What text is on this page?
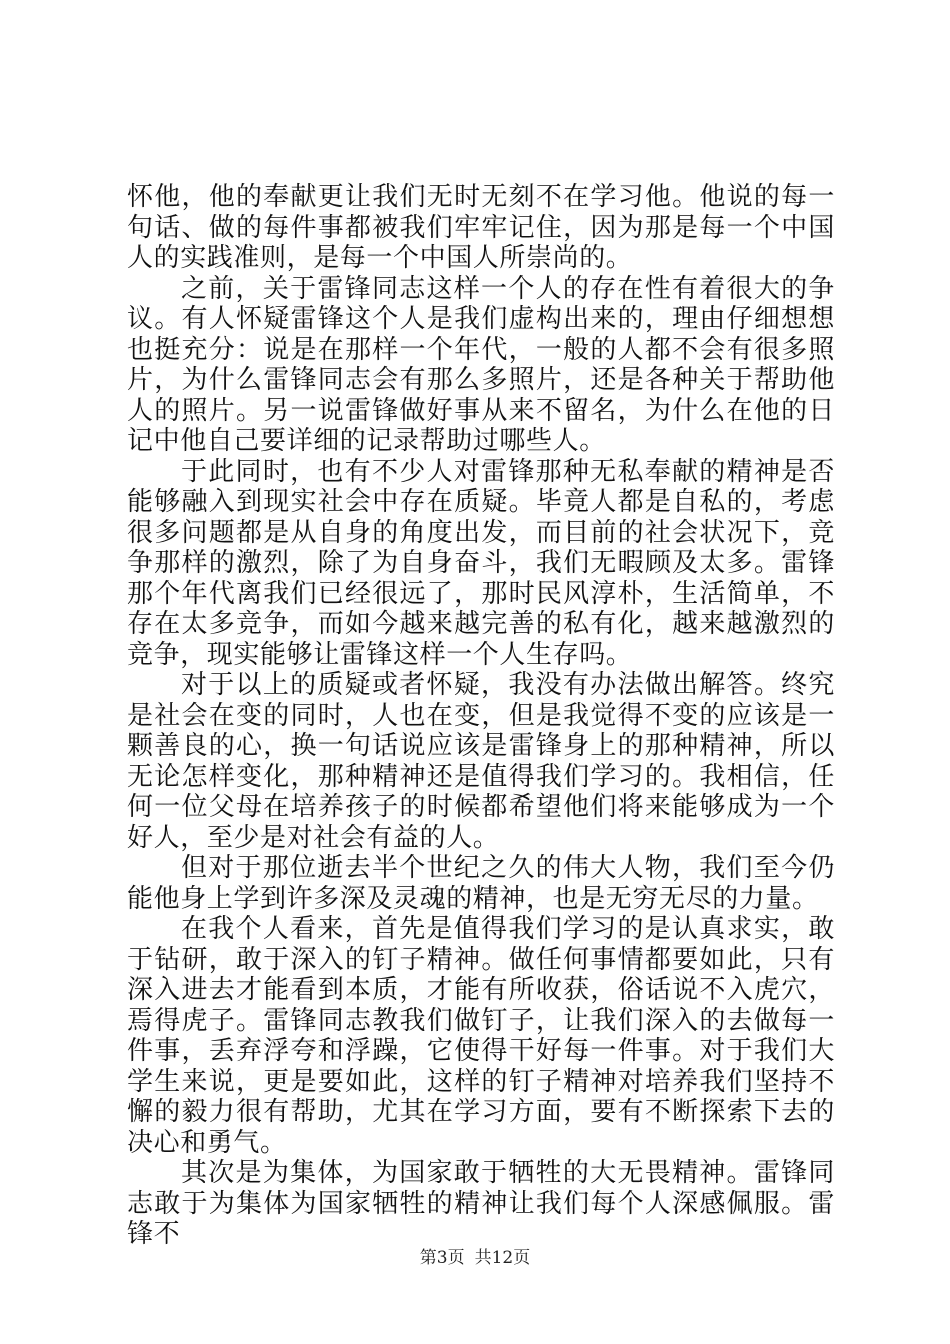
怀他，他的奉献更让我们无时无刻不在学习他。他说的每一句话、做的每件事都被我们牢牢记住，因为那是每一个中国人的实践准则，是每一个中国人所崇尚的。

之前，关于雷锋同志这样一个人的存在性有着很大的争议。有人怀疑雷锋这个人是我们虚构出来的，理由仔细想想也挺充分：说是在那样一个年代，一般的人都不会有很多照片，为什么雷锋同志会有那么多照片，还是各种关于帮助他人的照片。另一说雷锋做好事从来不留名，为什么在他的日记中他自己要详细的记录帮助过哪些人。

于此同时，也有不少人对雷锋那种无私奉献的精神是否能够融入到现实社会中存在质疑。毕竟人都是自私的，考虑很多问题都是从自身的角度出发，而目前的社会状况下，竞争那样的激烈，除了为自身奋斗，我们无暇顾及太多。雷锋那个年代离我们已经很远了，那时民风淳朴，生活简单，不存在太多竞争，而如今越来越完善的私有化，越来越激烈的竞争，现实能够让雷锋这样一个人生存吗。

对于以上的质疑或者怀疑，我没有办法做出解答。终究是社会在变的同时，人也在变，但是我觉得不变的应该是一颗善良的心，换一句话说应该是雷锋身上的那种精神，所以无论怎样变化，那种精神还是值得我们学习的。我相信，任何一位父母在培养孩子的时候都希望他们将来能够成为一个好人，至少是对社会有益的人。

但对于那位逝去半个世纪之久的伟大人物，我们至今仍能他身上学到许多深及灵魂的精神，也是无穷无尽的力量。

在我个人看来，首先是值得我们学习的是认真求实，敢于钻研，敢于深入的钉子精神。做任何事情都要如此，只有深入进去才能看到本质，才能有所收获，俗话说不入虎穴，焉得虎子。雷锋同志教我们做钉子，让我们深入的去做每一件事，丢弃浮夸和浮躁，它使得干好每一件事。对于我们大学生来说，更是要如此，这样的钉子精神对培养我们坚持不懈的毅力很有帮助，尤其在学习方面，要有不断探索下去的决心和勇气。

其次是为集体，为国家敢于牺牲的大无畏精神。雷锋同志敢于为集体为国家牺牲的精神让我们每个人深感佩服。雷锋不

第3页 共12页
